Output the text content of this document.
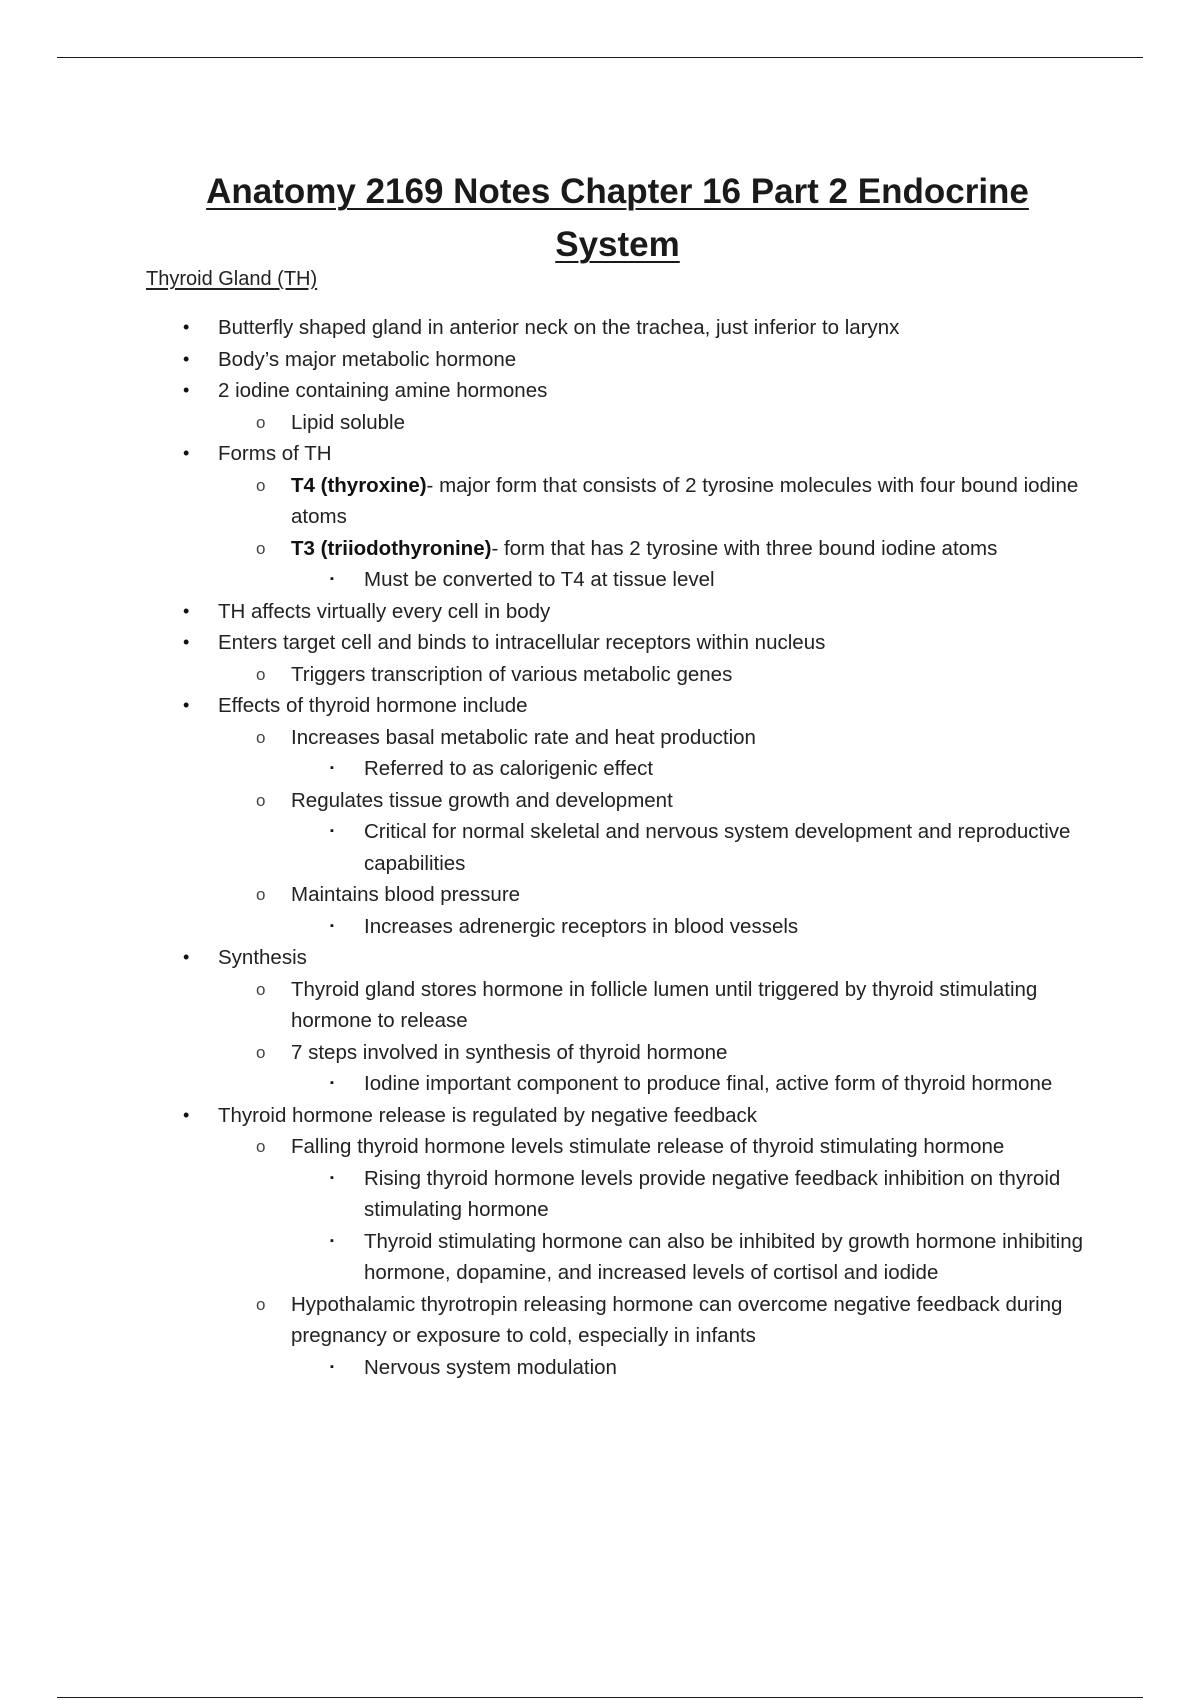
Anatomy 2169 Notes Chapter 16 Part 2 Endocrine System
Thyroid Gland (TH)
• Butterfly shaped gland in anterior neck on the trachea, just inferior to larynx
• Body’s major metabolic hormone
• 2 iodine containing amine hormones
o Lipid soluble
• Forms of TH
o T4 (thyroxine)- major form that consists of 2 tyrosine molecules with four bound iodine atoms
o T3 (triiodothyronine)- form that has 2 tyrosine with three bound iodine atoms
▪ Must be converted to T4 at tissue level
• TH affects virtually every cell in body
• Enters target cell and binds to intracellular receptors within nucleus
o Triggers transcription of various metabolic genes
• Effects of thyroid hormone include
o Increases basal metabolic rate and heat production
▪ Referred to as calorigenic effect
o Regulates tissue growth and development
▪ Critical for normal skeletal and nervous system development and reproductive capabilities
o Maintains blood pressure
▪ Increases adrenergic receptors in blood vessels
• Synthesis
o Thyroid gland stores hormone in follicle lumen until triggered by thyroid stimulating hormone to release
o 7 steps involved in synthesis of thyroid hormone
▪ Iodine important component to produce final, active form of thyroid hormone
• Thyroid hormone release is regulated by negative feedback
o Falling thyroid hormone levels stimulate release of thyroid stimulating hormone
▪ Rising thyroid hormone levels provide negative feedback inhibition on thyroid stimulating hormone
▪ Thyroid stimulating hormone can also be inhibited by growth hormone inhibiting hormone, dopamine, and increased levels of cortisol and iodide
o Hypothalamic thyrotropin releasing hormone can overcome negative feedback during pregnancy or exposure to cold, especially in infants
▪ Nervous system modulation
